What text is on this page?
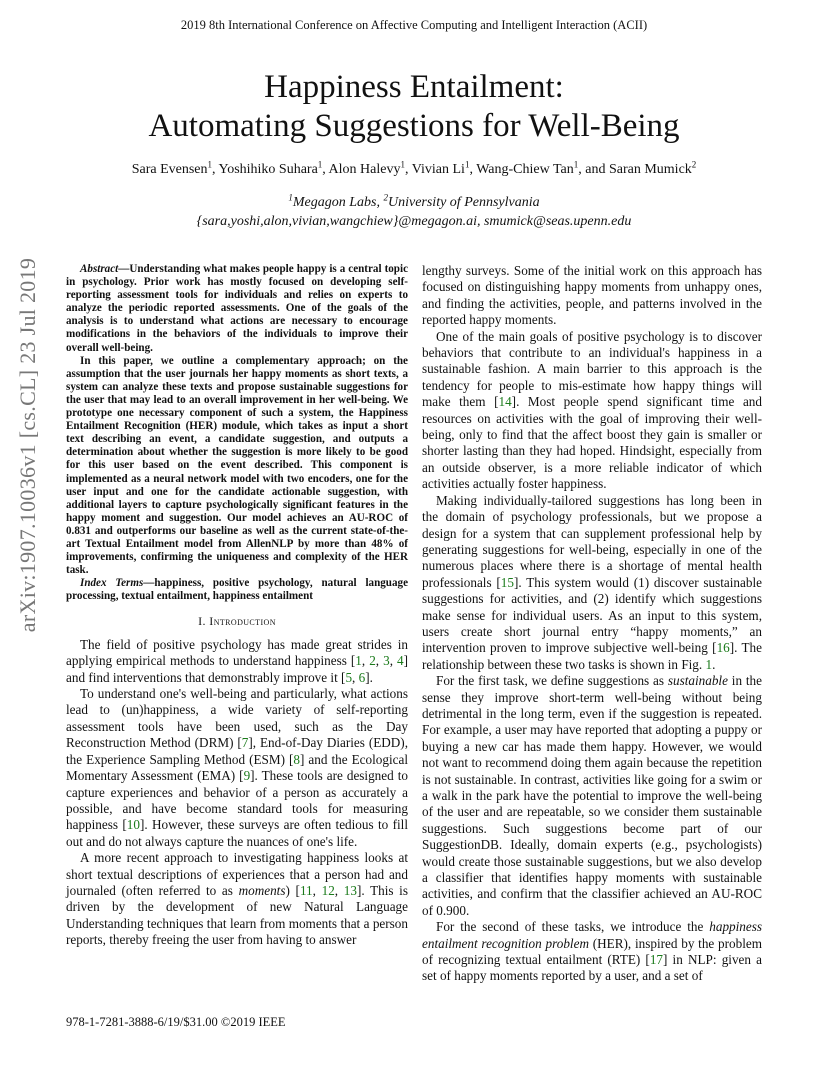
2019 8th International Conference on Affective Computing and Intelligent Interaction (ACII)
Happiness Entailment:
Automating Suggestions for Well-Being
Sara Evensen$^1$, Yoshihiko Suhara$^1$, Alon Halevy$^1$, Vivian Li$^1$, Wang-Chiew Tan$^1$, and Saran Mumick$^2$
$^1$Megagon Labs, $^2$University of Pennsylvania
{sara,yoshi,alon,vivian,wangchiew}@megagon.ai, smumick@seas.upenn.edu
arXiv:1907.10036v1 [cs.CL] 23 Jul 2019	Abstract—Understanding what makes people happy is a central topic in psychology. Prior work has mostly focused on developing self-reporting assessment tools for individuals and relies on experts to analyze the periodic reported assessments. One of the goals of the analysis is to understand what actions are necessary to encourage modifications in the behaviors of the individuals to improve their overall well-being.

In this paper, we outline a complementary approach; on the assumption that the user journals her happy moments as short texts, a system can analyze these texts and propose sustainable suggestions for the user that may lead to an overall improvement in her well-being. We prototype one necessary component of such a system, the Happiness Entailment Recognition (HER) module, which takes as input a short text describing an event, a candidate suggestion, and outputs a determination about whether the suggestion is more likely to be good for this user based on the event described. This component is implemented as a neural network model with two encoders, one for the user input and one for the candidate actionable suggestion, with additional layers to capture psychologically significant features in the happy moment and suggestion. Our model achieves an AU-ROC of 0.831 and outperforms our baseline as well as the current state-of-the-art Textual Entailment model from AllenNLP by more than 48% of improvements, confirming the uniqueness and complexity of the HER task.

Index Terms—happiness, positive psychology, natural language processing, textual entailment, happiness entailment

I. Introduction

The field of positive psychology has made great strides in applying empirical methods to understand happiness [1, 2, 3, 4] and find interventions that demonstrably improve it [5, 6].

To understand one's well-being and particularly, what actions lead to (un)happiness, a wide variety of self-reporting assessment tools have been used, such as the Day Reconstruction Method (DRM) [7], End-of-Day Diaries (EDD), the Experience Sampling Method (ESM) [8] and the Ecological Momentary Assessment (EMA) [9]. These tools are designed to capture experiences and behavior of a person as accurately a possible, and have become standard tools for measuring happiness [10]. However, these surveys are often tedious to fill out and do not always capture the nuances of one's life.

A more recent approach to investigating happiness looks at short textual descriptions of experiences that a person had and journaled (often referred to as moments) [11, 12, 13]. This is driven by the development of new Natural Language Understanding techniques that learn from moments that a person reports, thereby freeing the user from having to answer

lengthy surveys. Some of the initial work on this approach has focused on distinguishing happy moments from unhappy ones, and finding the activities, people, and patterns involved in the reported happy moments.

One of the main goals of positive psychology is to discover behaviors that contribute to an individual's happiness in a sustainable fashion. A main barrier to this approach is the tendency for people to mis-estimate how happy things will make them [14]. Most people spend significant time and resources on activities with the goal of improving their well-being, only to find that the affect boost they gain is smaller or shorter lasting than they had hoped. Hindsight, especially from an outside observer, is a more reliable indicator of which activities actually foster happiness.

Making individually-tailored suggestions has long been in the domain of psychology professionals, but we propose a design for a system that can supplement professional help by generating suggestions for well-being, especially in one of the numerous places where there is a shortage of mental health professionals [15]. This system would (1) discover sustainable suggestions for activities, and (2) identify which suggestions make sense for individual users. As an input to this system, users create short journal entry “happy moments,” an intervention proven to improve subjective well-being [16]. The relationship between these two tasks is shown in Fig. 1.

For the first task, we define suggestions as sustainable in the sense they improve short-term well-being without being detrimental in the long term, even if the suggestion is repeated. For example, a user may have reported that adopting a puppy or buying a new car has made them happy. However, we would not want to recommend doing them again because the repetition is not sustainable. In contrast, activities like going for a swim or a walk in the park have the potential to improve the well-being of the user and are repeatable, so we consider them sustainable suggestions. Such suggestions become part of our SuggestionDB. Ideally, domain experts (e.g., psychologists) would create those sustainable suggestions, but we also develop a classifier that identifies happy moments with sustainable activities, and confirm that the classifier achieved an AU-ROC of 0.900.

For the second of these tasks, we introduce the happiness entailment recognition problem (HER), inspired by the problem of recognizing textual entailment (RTE) [17] in NLP: given a set of happy moments reported by a user, and a set of

978-1-7281-3888-6/19/$31.00 ©2019 IEEE
